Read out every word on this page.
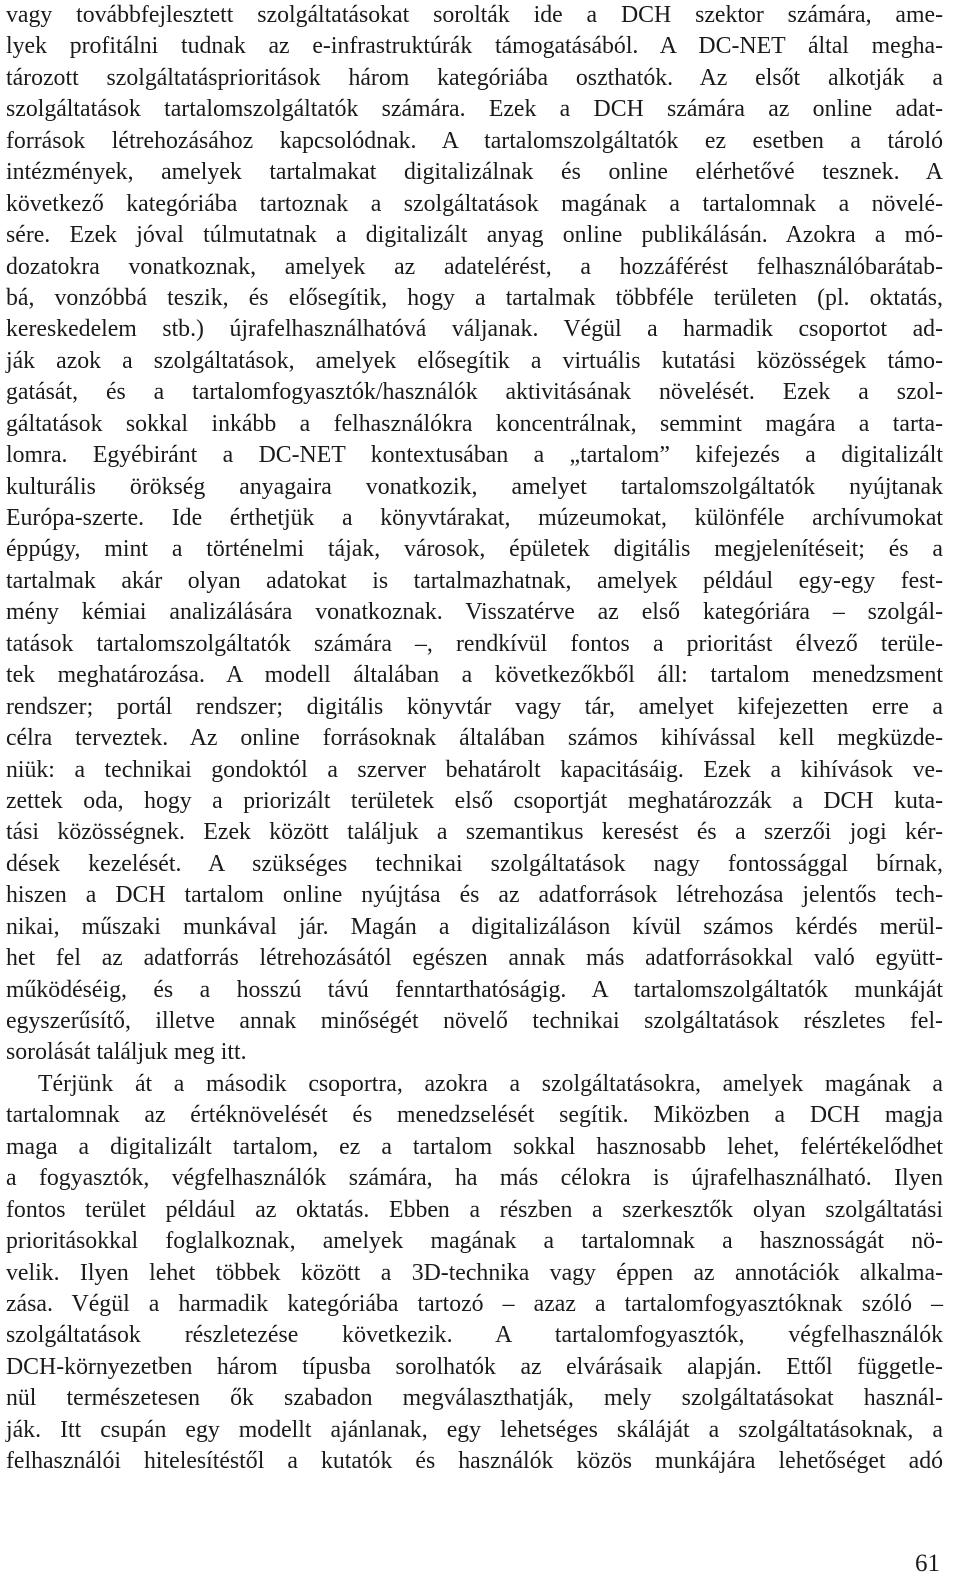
vagy továbbfejlesztett szolgáltatásokat sorolták ide a DCH szektor számára, ame-
lyek profitálni tudnak az e-infrastruktúrák támogatásából. A DC-NET által megha-
tározott szolgáltatásprioritások három kategóriába oszthatók. Az elsőt alkotják a
szolgáltatások tartalomszolgáltatók számára. Ezek a DCH számára az online adat-
források létrehozásához kapcsolódnak. A tartalomszolgáltatók ez esetben a tároló
intézmények, amelyek tartalmakat digitalizálnak és online elérhetővé tesznek. A
következő kategóriába tartoznak a szolgáltatások magának a tartalomnak a növelé-
sére. Ezek jóval túlmutatnak a digitalizált anyag online publikálásán. Azokra a mó-
dozatokra vonatkoznak, amelyek az adatelérést, a hozzáférést felhasználóbarátab-
bá, vonzóbbá teszik, és elősegítik, hogy a tartalmak többféle területen (pl. oktatás,
kereskedelem stb.) újrafelhasználhatóvá váljanak. Végül a harmadik csoportot ad-
ják azok a szolgáltatások, amelyek elősegítik a virtuális kutatási közösségek támo-
gatását, és a tartalomfogyasztók/használók aktivitásának növelését. Ezek a szol-
gáltatások sokkal inkább a felhasználókra koncentrálnak, semmint magára a tarta-
lomra. Egyébiránt a DC-NET kontextusában a „tartalom” kifejezés a digitalizált
kulturális örökség anyagaira vonatkozik, amelyet tartalomszolgáltatók nyújtanak
Európa-szerte. Ide érthetjük a könyvtárakat, múzeumokat, különféle archívumokat
éppúgy, mint a történelmi tájak, városok, épületek digitális megjelenítéseit; és a
tartalmak akár olyan adatokat is tartalmazhatnak, amelyek például egy-egy fest-
mény kémiai analizálására vonatkoznak. Visszatérve az első kategóriára – szolgál-
tatások tartalomszolgáltatók számára –, rendkívül fontos a prioritást élvező terüle-
tek meghatározása. A modell általában a következőkből áll: tartalom menedzsment
rendszer; portál rendszer; digitális könyvtár vagy tár, amelyet kifejezetten erre a
célra terveztek. Az online forrásoknak általában számos kihívással kell megküzde-
niük: a technikai gondoktól a szerver behatárolt kapacitásáig. Ezek a kihívások ve-
zettek oda, hogy a priorizált területek első csoportját meghatározzák a DCH kuta-
tási közösségnek. Ezek között találjuk a szemantikus keresést és a szerzői jogi kér-
dések kezelését. A szükséges technikai szolgáltatások nagy fontossággal bírnak,
hiszen a DCH tartalom online nyújtása és az adatforrások létrehozása jelentős tech-
nikai, műszaki munkával jár. Magán a digitalizáláson kívül számos kérdés merül-
het fel az adatforrás létrehozásától egészen annak más adatforrásokkal való együtt-
működéséig, és a hosszú távú fenntarthatóságig. A tartalomszolgáltatók munkáját
egyszerűsítő, illetve annak minőségét növelő technikai szolgáltatások részletes fel-
sorolását találjuk meg itt.
Térjünk át a második csoportra, azokra a szolgáltatásokra, amelyek magának a
tartalomnak az értéknövelését és menedzselését segítik. Miközben a DCH magja
maga a digitalizált tartalom, ez a tartalom sokkal hasznosabb lehet, felértékelődhet
a fogyasztók, végfelhasználók számára, ha más célokra is újrafelhasználható. Ilyen
fontos terület például az oktatás. Ebben a részben a szerkesztők olyan szolgáltatási
prioritásokkal foglalkoznak, amelyek magának a tartalomnak a hasznosságát nö-
velik. Ilyen lehet többek között a 3D-technika vagy éppen az annotációk alkalma-
zása. Végül a harmadik kategóriába tartozó – azaz a tartalomfogyasztóknak szóló –
szolgáltatások részletezése következik. A tartalomfogyasztók, végfelhasználók
DCH-környezetben három típusba sorolhatók az elvárásaik alapján. Ettől függetle-
nül természetesen ők szabadon megválaszthatják, mely szolgáltatásokat használ-
ják. Itt csupán egy modellt ajánlanak, egy lehetséges skáláját a szolgáltatásoknak, a
felhasználói hitelesítéstől a kutatók és használók közös munkájára lehetőséget adó
61
